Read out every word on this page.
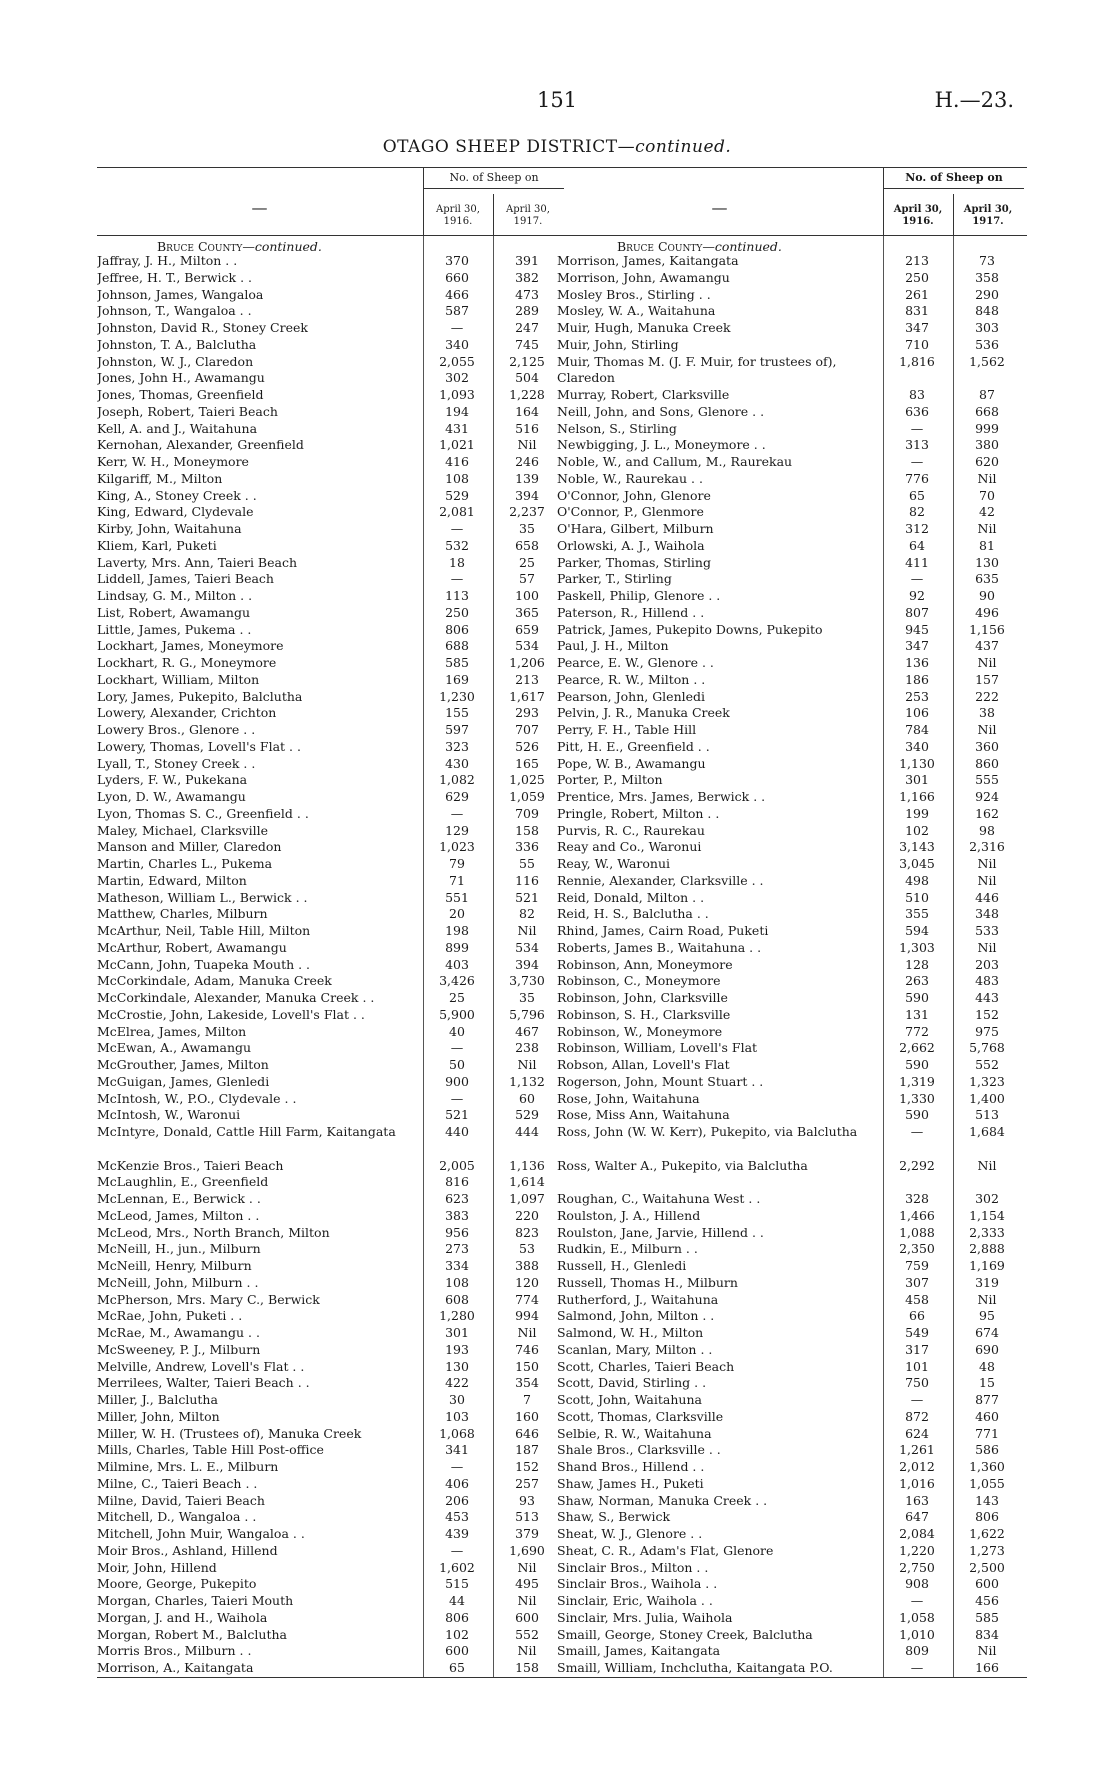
151	H.—23.
OTAGO SHEEP DISTRICT—continued.
—
No. of Sheep on
April 30, 1916.
April 30, 1917.
Bruce County—continued.
Jaffray, J. H., Milton . .	370	391
Jeffree, H. T., Berwick . .	660	382
Johnson, James, Wangaloa	466	473
Johnson, T., Wangaloa . .	587	289
Johnston, David R., Stoney Creek	—	247
Johnston, T. A., Balclutha	340	745
Johnston, W. J., Claredon	2,055	2,125
Jones, John H., Awamangu	302	504
Jones, Thomas, Greenfield	1,093	1,228
Joseph, Robert, Taieri Beach	194	164
Kell, A. and J., Waitahuna	431	516
Kernohan, Alexander, Greenfield	1,021	Nil
Kerr, W. H., Moneymore	416	246
Kilgariff, M., Milton	108	139
King, A., Stoney Creek . .	529	394
King, Edward, Clydevale	2,081	2,237
Kirby, John, Waitahuna	—	35
Kliem, Karl, Puketi	532	658
Laverty, Mrs. Ann, Taieri Beach	18	25
Liddell, James, Taieri Beach	—	57
Lindsay, G. M., Milton . .	113	100
List, Robert, Awamangu	250	365
Little, James, Pukema . .	806	659
Lockhart, James, Moneymore	688	534
Lockhart, R. G., Moneymore	585	1,206
Lockhart, William, Milton	169	213
Lory, James, Pukepito, Balclutha	1,230	1,617
Lowery, Alexander, Crichton	155	293
Lowery Bros., Glenore . .	597	707
Lowery, Thomas, Lovell's Flat . .	323	526
Lyall, T., Stoney Creek . .	430	165
Lyders, F. W., Pukekana	1,082	1,025
Lyon, D. W., Awamangu	629	1,059
Lyon, Thomas S. C., Greenfield . .	—	709
Maley, Michael, Clarksville	129	158
Manson and Miller, Claredon	1,023	336
Martin, Charles L., Pukema	79	55
Martin, Edward, Milton	71	116
Matheson, William L., Berwick . .	551	521
Matthew, Charles, Milburn	20	82
McArthur, Neil, Table Hill, Milton	198	Nil
McArthur, Robert, Awamangu	899	534
McCann, John, Tuapeka Mouth . .	403	394
McCorkindale, Adam, Manuka Creek	3,426	3,730
McCorkindale, Alexander, Manuka Creek . .	25	35
McCrostie, John, Lakeside, Lovell's Flat . .	5,900	5,796
McElrea, James, Milton	40	467
McEwan, A., Awamangu	—	238
McGrouther, James, Milton	50	Nil
McGuigan, James, Glenledi	900	1,132
McIntosh, W., P.O., Clydevale . .	—	60
McIntosh, W., Waronui	521	529
McIntyre, Donald, Cattle Hill Farm, Kaitangata	440	444
McKenzie Bros., Taieri Beach	2,005	1,136
McLaughlin, E., Greenfield	816	1,614
McLennan, E., Berwick . .	623	1,097
McLeod, James, Milton . .	383	220
McLeod, Mrs., North Branch, Milton	956	823
McNeill, H., jun., Milburn	273	53
McNeill, Henry, Milburn	334	388
McNeill, John, Milburn . .	108	120
McPherson, Mrs. Mary C., Berwick	608	774
McRae, John, Puketi . .	1,280	994
McRae, M., Awamangu . .	301	Nil
McSweeney, P. J., Milburn	193	746
Melville, Andrew, Lovell's Flat . .	130	150
Merrilees, Walter, Taieri Beach . .	422	354
Miller, J., Balclutha	30	7
Miller, John, Milton	103	160
Miller, W. H. (Trustees of), Manuka Creek	1,068	646
Mills, Charles, Table Hill Post-office	341	187
Milmine, Mrs. L. E., Milburn	—	152
Milne, C., Taieri Beach . .	406	257
Milne, David, Taieri Beach	206	93
Mitchell, D., Wangaloa . .	453	513
Mitchell, John Muir, Wangaloa . .	439	379
Moir Bros., Ashland, Hillend	—	1,690
Moir, John, Hillend	1,602	Nil
Moore, George, Pukepito	515	495
Morgan, Charles, Taieri Mouth	44	Nil
Morgan, J. and H., Waihola	806	600
Morgan, Robert M., Balclutha	102	552
Morris Bros., Milburn . .	600	Nil
Morrison, A., Kaitangata	65	158
—
No. of Sheep on
April 30, 1916.
April 30, 1917.
Bruce County—continued.
Morrison, James, Kaitangata	213	73
Morrison, John, Awamangu	250	358
Mosley Bros., Stirling . .	261	290
Mosley, W. A., Waitahuna	831	848
Muir, Hugh, Manuka Creek	347	303
Muir, John, Stirling	710	536
Muir, Thomas M. (J. F. Muir, for trustees of), Claredon
1,816	1,562
Murray, Robert, Clarksville	83	87
Neill, John, and Sons, Glenore . .	636	668
Nelson, S., Stirling	—	999
Newbigging, J. L., Moneymore . .	313	380
Noble, W., and Callum, M., Raurekau	—	620
Noble, W., Raurekau . .	776	Nil
O'Connor, John, Glenore	65	70
O'Connor, P., Glenmore	82	42
O'Hara, Gilbert, Milburn	312	Nil
Orlowski, A. J., Waihola	64	81
Parker, Thomas, Stirling	411	130
Parker, T., Stirling	—	635
Paskell, Philip, Glenore . .	92	90
Paterson, R., Hillend . .	807	496
Patrick, James, Pukepito Downs, Pukepito	945	1,156
Paul, J. H., Milton	347	437
Pearce, E. W., Glenore . .	136	Nil
Pearce, R. W., Milton . .	186	157
Pearson, John, Glenledi	253	222
Pelvin, J. R., Manuka Creek	106	38
Perry, F. H., Table Hill	784	Nil
Pitt, H. E., Greenfield . .	340	360
Pope, W. B., Awamangu	1,130	860
Porter, P., Milton	301	555
Prentice, Mrs. James, Berwick . .	1,166	924
Pringle, Robert, Milton . .	199	162
Purvis, R. C., Raurekau	102	98
Reay and Co., Waronui	3,143	2,316
Reay, W., Waronui	3,045	Nil
Rennie, Alexander, Clarksville . .	498	Nil
Reid, Donald, Milton . .	510	446
Reid, H. S., Balclutha . .	355	348
Rhind, James, Cairn Road, Puketi	594	533
Roberts, James B., Waitahuna . .	1,303	Nil
Robinson, Ann, Moneymore	128	203
Robinson, C., Moneymore	263	483
Robinson, John, Clarksville	590	443
Robinson, S. H., Clarksville	131	152
Robinson, W., Moneymore	772	975
Robinson, William, Lovell's Flat	2,662	5,768
Robson, Allan, Lovell's Flat	590	552
Rogerson, John, Mount Stuart . .	1,319	1,323
Rose, John, Waitahuna	1,330	1,400
Rose, Miss Ann, Waitahuna	590	513
Ross, John (W. W. Kerr), Pukepito, via Balclutha	—	1,684
Ross, Walter A., Pukepito, via Balclutha	2,292	Nil
Roughan, C., Waitahuna West . .	328	302
Roulston, J. A., Hillend	1,466	1,154
Roulston, Jane, Jarvie, Hillend . .	1,088	2,333
Rudkin, E., Milburn . .	2,350	2,888
Russell, H., Glenledi	759	1,169
Russell, Thomas H., Milburn	307	319
Rutherford, J., Waitahuna	458	Nil
Salmond, John, Milton . .	66	95
Salmond, W. H., Milton	549	674
Scanlan, Mary, Milton . .	317	690
Scott, Charles, Taieri Beach	101	48
Scott, David, Stirling . .	750	15
Scott, John, Waitahuna	—	877
Scott, Thomas, Clarksville	872	460
Selbie, R. W., Waitahuna	624	771
Shale Bros., Clarksville . .	1,261	586
Shand Bros., Hillend . .	2,012	1,360
Shaw, James H., Puketi	1,016	1,055
Shaw, Norman, Manuka Creek . .	163	143
Shaw, S., Berwick	647	806
Sheat, W. J., Glenore . .	2,084	1,622
Sheat, C. R., Adam's Flat, Glenore	1,220	1,273
Sinclair Bros., Milton . .	2,750	2,500
Sinclair Bros., Waihola . .	908	600
Sinclair, Eric, Waihola . .	—	456
Sinclair, Mrs. Julia, Waihola	1,058	585
Smaill, George, Stoney Creek, Balclutha	1,010	834
Smaill, James, Kaitangata	809	Nil
Smaill, William, Inchclutha, Kaitangata P.O.	—	166
